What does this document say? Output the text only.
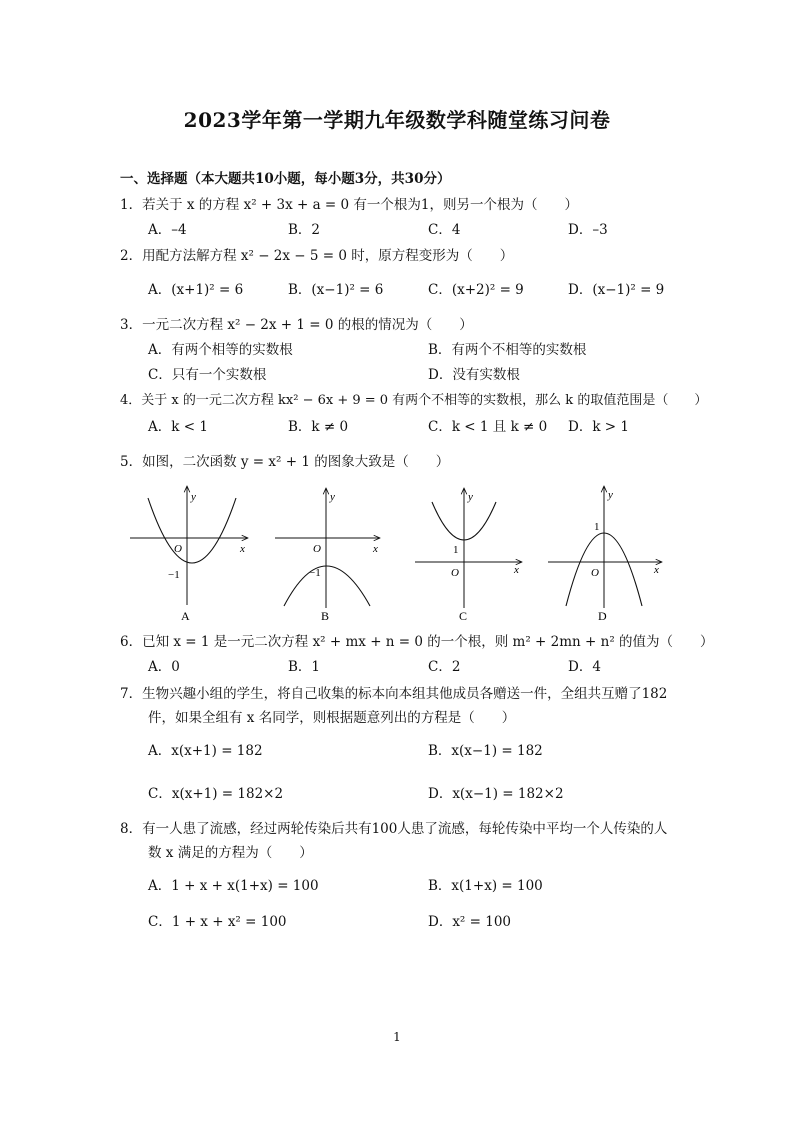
2023学年第一学期九年级数学科随堂练习问卷
一、选择题（本大题共10小题，每小题3分，共30分）
1．若关于 x 的方程 x² + 3x + a = 0 有一个根为1，则另一个根为（　　）
A．–4	B．2	C．4	D．–3
2．用配方法解方程 x² − 2x − 5 = 0 时，原方程变形为（　　）
A．(x+1)² = 6	B．(x−1)² = 6	C．(x+2)² = 9	D．(x−1)² = 9
3．一元二次方程 x² − 2x + 1 = 0 的根的情况为（　　）
A．有两个相等的实数根	B．有两个不相等的实数根
C．只有一个实数根	D．没有实数根
4．关于 x 的一元二次方程 kx² − 6x + 9 = 0 有两个不相等的实数根，那么 k 的取值范围是（　　）
A．k < 1	B．k ≠ 0	C．k < 1 且 k ≠ 0 D．k > 1
5．如图，二次函数 y = x² + 1 的图象大致是（　　）
y
x
O
−1
y
x
O
−1
y
x
O
1
y
x
O
1
A	B	C	D
6．已知 x = 1 是一元二次方程 x² + mx + n = 0 的一个根，则 m² + 2mn + n² 的值为（　　）
A．0	B．1	C．2	D．4
7．生物兴趣小组的学生，将自己收集的标本向本组其他成员各赠送一件，全组共互赠了182
件，如果全组有 x 名同学，则根据题意列出的方程是（　　）
A．x(x+1) = 182	B．x(x−1) = 182
C．x(x+1) = 182×2	D．x(x−1) = 182×2
8．有一人患了流感，经过两轮传染后共有100人患了流感，每轮传染中平均一个人传染的人
数 x 满足的方程为（　　）
A．1 + x + x(1+x) = 100	B．x(1+x) = 100
C．1 + x + x² = 100	D．x² = 100
1
